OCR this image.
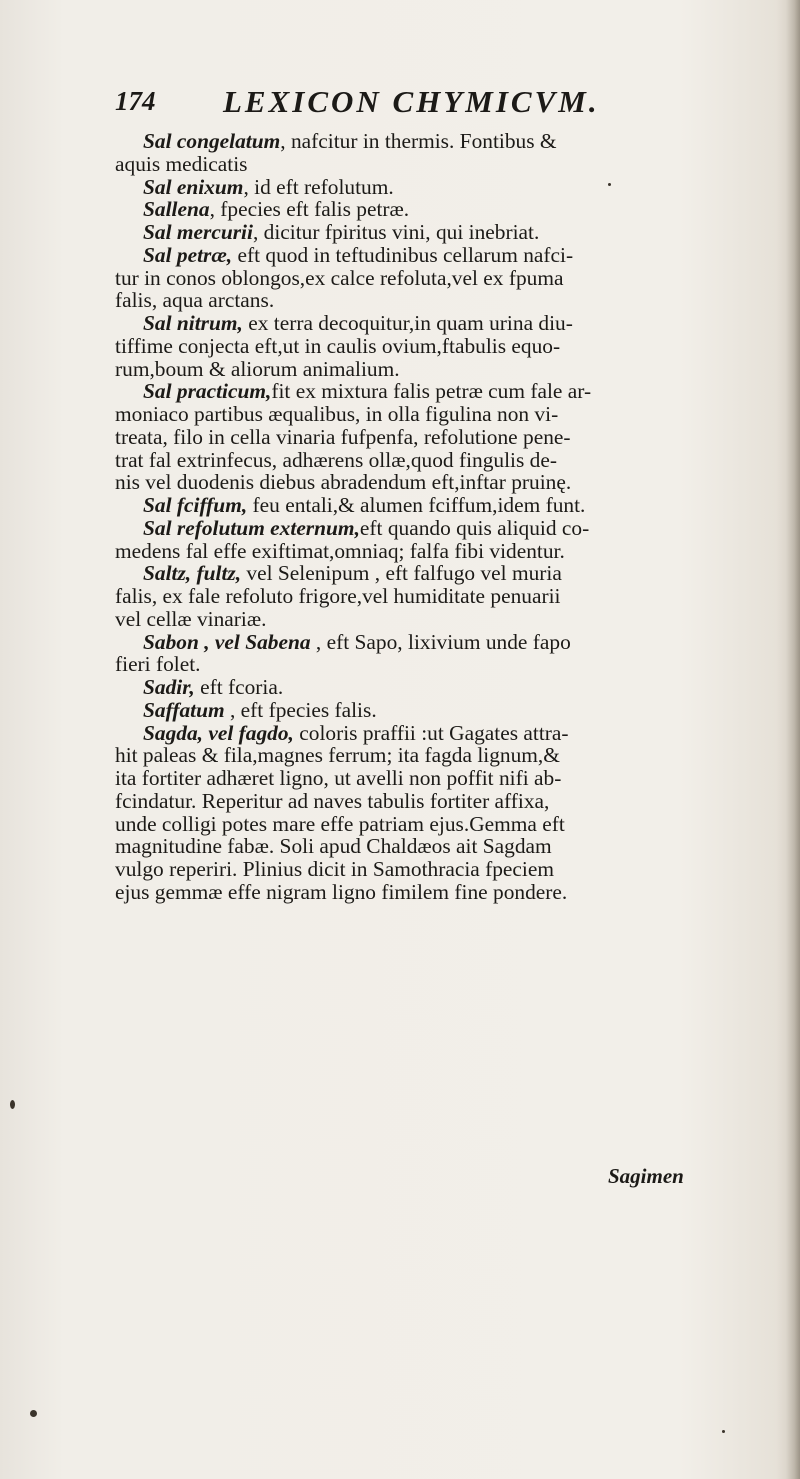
174 LEXICON CHYMICVM.
Sal congelatum, nafcitur in thermis. Fontibus &
aquis medicatis
Sal enixum, id eft refolutum.
Sallena, fpecies eft falis petræ.
Sal mercurii, dicitur fpiritus vini, qui inebriat.
Sal petræ, eft quod in teftudinibus cellarum nafci-
tur in conos oblongos,ex calce refoluta,vel ex fpuma
falis, aqua arctans.
Sal nitrum, ex terra decoquitur,in quam urina diu-
tiffime conjecta eft,ut in caulis ovium,ftabulis equo-
rum,boum & aliorum animalium.
Sal practicum,fit ex mixtura falis petræ cum fale ar-
moniaco partibus æqualibus, in olla figulina non vi-
treata, filo in cella vinaria fufpenfa, refolutione pene-
trat fal extrinfecus, adhærens ollæ,quod fingulis de-
nis vel duodenis diebus abradendum eft,inftar pruinę.
Sal fciffum, feu entali,& alumen fciffum,idem funt.
Sal refolutum externum,eft quando quis aliquid co-
medens fal effe exiftimat,omniaq; falfa fibi videntur.
Saltz, fultz, vel Selenipum , eft falfugo vel muria
falis, ex fale refoluto frigore,vel humiditate penuarii
vel cellæ vinariæ.
Sabon , vel Sabena , eft Sapo, lixivium unde fapo
fieri folet.
Sadir, eft fcoria.
Saffatum , eft fpecies falis.
Sagda, vel fagdo, coloris praffii :ut Gagates attra-
hit paleas & fila,magnes ferrum; ita fagda lignum,&
ita fortiter adhæret ligno, ut avelli non poffit nifi ab-
fcindatur. Reperitur ad naves tabulis fortiter affixa,
unde colligi potes mare effe patriam ejus.Gemma eft
magnitudine fabæ. Soli apud Chaldæos ait Sagdam
vulgo reperiri. Plinius dicit in Samothracia fpeciem
ejus gemmæ effe nigram ligno fimilem fine pondere.
Sagimen
